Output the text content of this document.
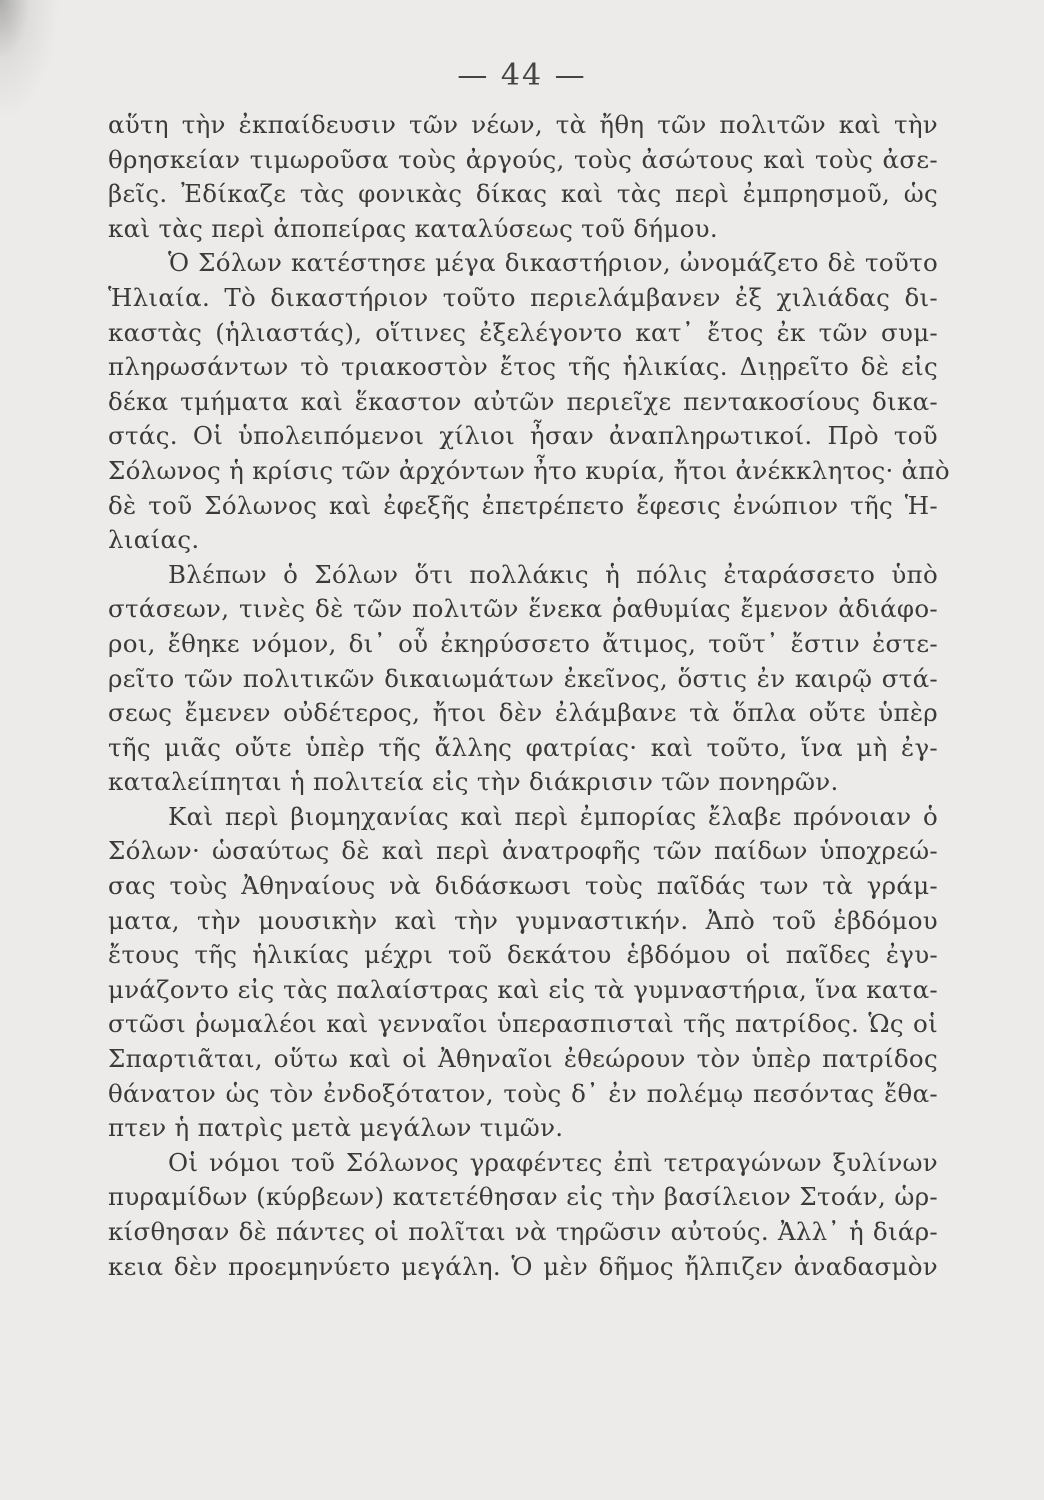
— 44 —
αὕτη τὴν ἐκπαίδευσιν τῶν νέων, τὰ ἤθη τῶν πολιτῶν καὶ τὴν
θρησκείαν τιμωροῦσα τοὺς ἀργούς, τοὺς ἀσώτους καὶ τοὺς ἀσε-
βεῖς. Ἐδίκαζε τὰς φονικὰς δίκας καὶ τὰς περὶ ἐμπρησμοῦ, ὡς
καὶ τὰς περὶ ἀποπείρας καταλύσεως τοῦ δήμου.
Ὁ Σόλων κατέστησε μέγα δικαστήριον, ὠνομάζετο δὲ τοῦτο
Ἡλιαία. Τὸ δικαστήριον τοῦτο περιελάμβανεν ἐξ χιλιάδας δι-
καστὰς (ἡλιαστάς), οἵτινες ἐξελέγοντο κατ᾽ ἔτος ἐκ τῶν συμ-
πληρωσάντων τὸ τριακοστὸν ἔτος τῆς ἡλικίας. Διῃρεῖτο δὲ εἰς
δέκα τμήματα καὶ ἕκαστον αὐτῶν περιεῖχε πεντακοσίους δικα-
στάς. Οἱ ὑπολειπόμενοι χίλιοι ἦσαν ἀναπληρωτικοί. Πρὸ τοῦ
Σόλωνος ἡ κρίσις τῶν ἀρχόντων ἦτο κυρία, ἤτοι ἀνέκκλητος· ἀπὸ
δὲ τοῦ Σόλωνος καὶ ἐφεξῆς ἐπετρέπετο ἔφεσις ἐνώπιον τῆς Ἡ-
λιαίας.
Βλέπων ὁ Σόλων ὅτι πολλάκις ἡ πόλις ἐταράσσετο ὑπὸ
στάσεων, τινὲς δὲ τῶν πολιτῶν ἕνεκα ῥαθυμίας ἔμενον ἀδιάφο-
ροι, ἔθηκε νόμον, δι᾽ οὗ ἐκηρύσσετο ἄτιμος, τοῦτ᾽ ἔστιν ἐστε-
ρεῖτο τῶν πολιτικῶν δικαιωμάτων ἐκεῖνος, ὅστις ἐν καιρῷ στά-
σεως ἔμενεν οὐδέτερος, ἤτοι δὲν ἐλάμβανε τὰ ὅπλα οὔτε ὑπὲρ
τῆς μιᾶς οὔτε ὑπὲρ τῆς ἄλλης φατρίας· καὶ τοῦτο, ἵνα μὴ ἐγ-
καταλείπηται ἡ πολιτεία εἰς τὴν διάκρισιν τῶν πονηρῶν.
Καὶ περὶ βιομηχανίας καὶ περὶ ἐμπορίας ἔλαβε πρόνοιαν ὁ
Σόλων· ὡσαύτως δὲ καὶ περὶ ἀνατροφῆς τῶν παίδων ὑποχρεώ-
σας τοὺς Ἀθηναίους νὰ διδάσκωσι τοὺς παῖδάς των τὰ γράμ-
ματα, τὴν μουσικὴν καὶ τὴν γυμναστικήν. Ἀπὸ τοῦ ἑβδόμου
ἔτους τῆς ἡλικίας μέχρι τοῦ δεκάτου ἑβδόμου οἱ παῖδες ἐγυ-
μνάζοντο εἰς τὰς παλαίστρας καὶ εἰς τὰ γυμναστήρια, ἵνα κατα-
στῶσι ῥωμαλέοι καὶ γενναῖοι ὑπερασπισταὶ τῆς πατρίδος. Ὡς οἱ
Σπαρτιᾶται, οὕτω καὶ οἱ Ἀθηναῖοι ἐθεώρουν τὸν ὑπὲρ πατρίδος
θάνατον ὡς τὸν ἐνδοξότατον, τοὺς δ᾽ ἐν πολέμῳ πεσόντας ἔθα-
πτεν ἡ πατρὶς μετὰ μεγάλων τιμῶν.
Οἱ νόμοι τοῦ Σόλωνος γραφέντες ἐπὶ τετραγώνων ξυλίνων
πυραμίδων (κύρβεων) κατετέθησαν εἰς τὴν βασίλειον Στοάν, ὡρ-
κίσθησαν δὲ πάντες οἱ πολῖται νὰ τηρῶσιν αὐτούς. Ἀλλ᾽ ἡ διάρ-
κεια δὲν προεμηνύετο μεγάλη. Ὁ μὲν δῆμος ἤλπιζεν ἀναδασμὸν
